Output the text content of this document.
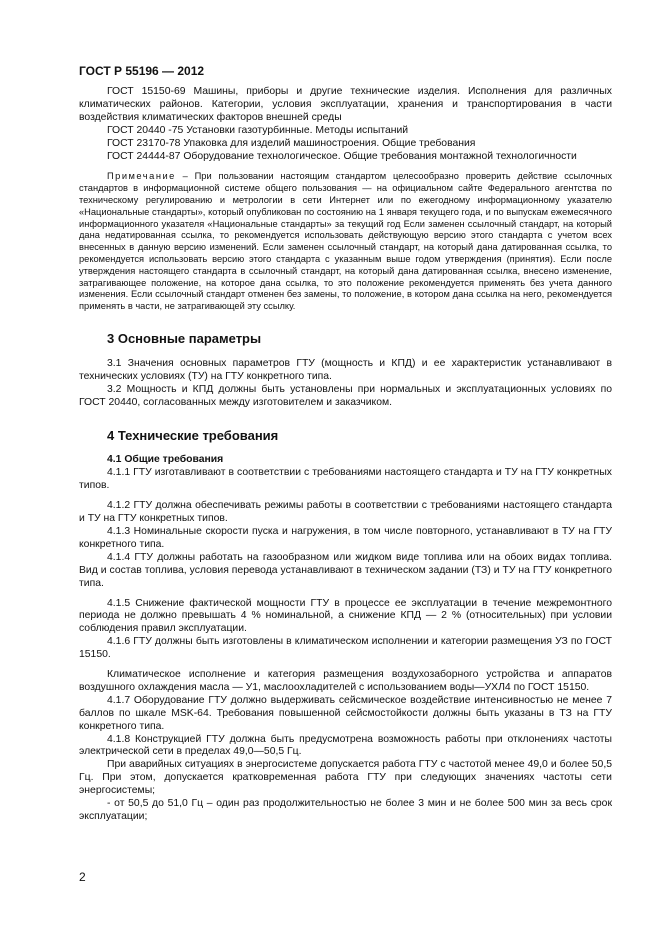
ГОСТ Р 55196 — 2012

ГОСТ 15150-69 Машины, приборы и другие технические изделия. Исполнения для различных климатических районов. Категории, условия эксплуатации, хранения и транспортирования в части воздействия климатических факторов внешней среды

ГОСТ 20440 -75 Установки газотурбинные. Методы испытаний

ГОСТ 23170-78 Упаковка для изделий машиностроения. Общие требования

ГОСТ 24444-87 Оборудование технологическое. Общие требования монтажной технологичности

Примечание – При пользовании настоящим стандартом целесообразно проверить действие ссылочных стандартов в информационной системе общего пользования — на официальном сайте Федерального агентства по техническому регулированию и метрологии в сети Интернет или по ежегодному информационному указателю «Национальные стандарты», который опубликован по состоянию на 1 января текущего года, и по выпускам ежемесячного информационного указателя «Национальные стандарты» за текущий год Если заменен ссылочный стандарт, на который дана недатированная ссылка, то рекомендуется использовать действующую версию этого стандарта с учетом всех внесенных в данную версию изменений. Если заменен ссылочный стандарт, на который дана датированная ссылка, то рекомендуется использовать версию этого стандарта с указанным выше годом утверждения (принятия). Если после утверждения настоящего стандарта в ссылочный стандарт, на который дана датированная ссылка, внесено изменение, затрагивающее положение, на которое дана ссылка, то это положение рекомендуется применять без учета данного изменения. Если ссылочный стандарт отменен без замены, то положение, в котором дана ссылка на него, рекомендуется применять в части, не затрагивающей эту ссылку.

3 Основные параметры

3.1 Значения основных параметров ГТУ (мощность и КПД) и ее характеристик устанавливают в технических условиях (ТУ) на ГТУ конкретного типа.

3.2 Мощность и КПД должны быть установлены при нормальных и эксплуатационных условиях по ГОСТ 20440, согласованных между изготовителем и заказчиком.

4 Технические требования

4.1 Общие требования

4.1.1 ГТУ изготавливают в соответствии с требованиями настоящего стандарта и ТУ на ГТУ конкретных типов.

4.1.2 ГТУ должна обеспечивать режимы работы в соответствии с требованиями настоящего стандарта и ТУ на ГТУ конкретных типов.

4.1.3 Номинальные скорости пуска и нагружения, в том числе повторного, устанавливают в ТУ на ГТУ конкретного типа.

4.1.4 ГТУ должны работать на газообразном или жидком виде топлива или на обоих видах топлива. Вид и состав топлива, условия перевода устанавливают в техническом задании (ТЗ) и ТУ на ГТУ конкретного типа.

4.1.5 Снижение фактической мощности ГТУ в процессе ее эксплуатации в течение межремонтного периода не должно превышать 4 % номинальной, а снижение КПД — 2 % (относительных) при условии соблюдения правил эксплуатации.

4.1.6 ГТУ должны быть изготовлены в климатическом исполнении и категории размещения УЗ по ГОСТ 15150.

Климатическое исполнение и категория размещения воздухозаборного устройства и аппаратов воздушного охлаждения масла — У1, маслоохладителей с использованием воды—УХЛ4 по ГОСТ 15150.

4.1.7 Оборудование ГТУ должно выдерживать сейсмическое воздействие интенсивностью не менее 7 баллов по шкале MSK-64. Требования повышенной сейсмостойкости должны быть указаны в ТЗ на ГТУ конкретного типа.

4.1.8 Конструкцией ГТУ должна быть предусмотрена возможность работы при отклонениях частоты электрической сети в пределах 49,0—50,5 Гц.

При аварийных ситуациях в энергосистеме допускается работа ГТУ с частотой менее 49,0 и более 50,5 Гц. При этом, допускается кратковременная работа ГТУ при следующих значениях частоты сети энергосистемы;

- от 50,5 до 51,0 Гц – один раз продолжительностью не более 3 мин и не более 500 мин за весь срок эксплуатации;

2
